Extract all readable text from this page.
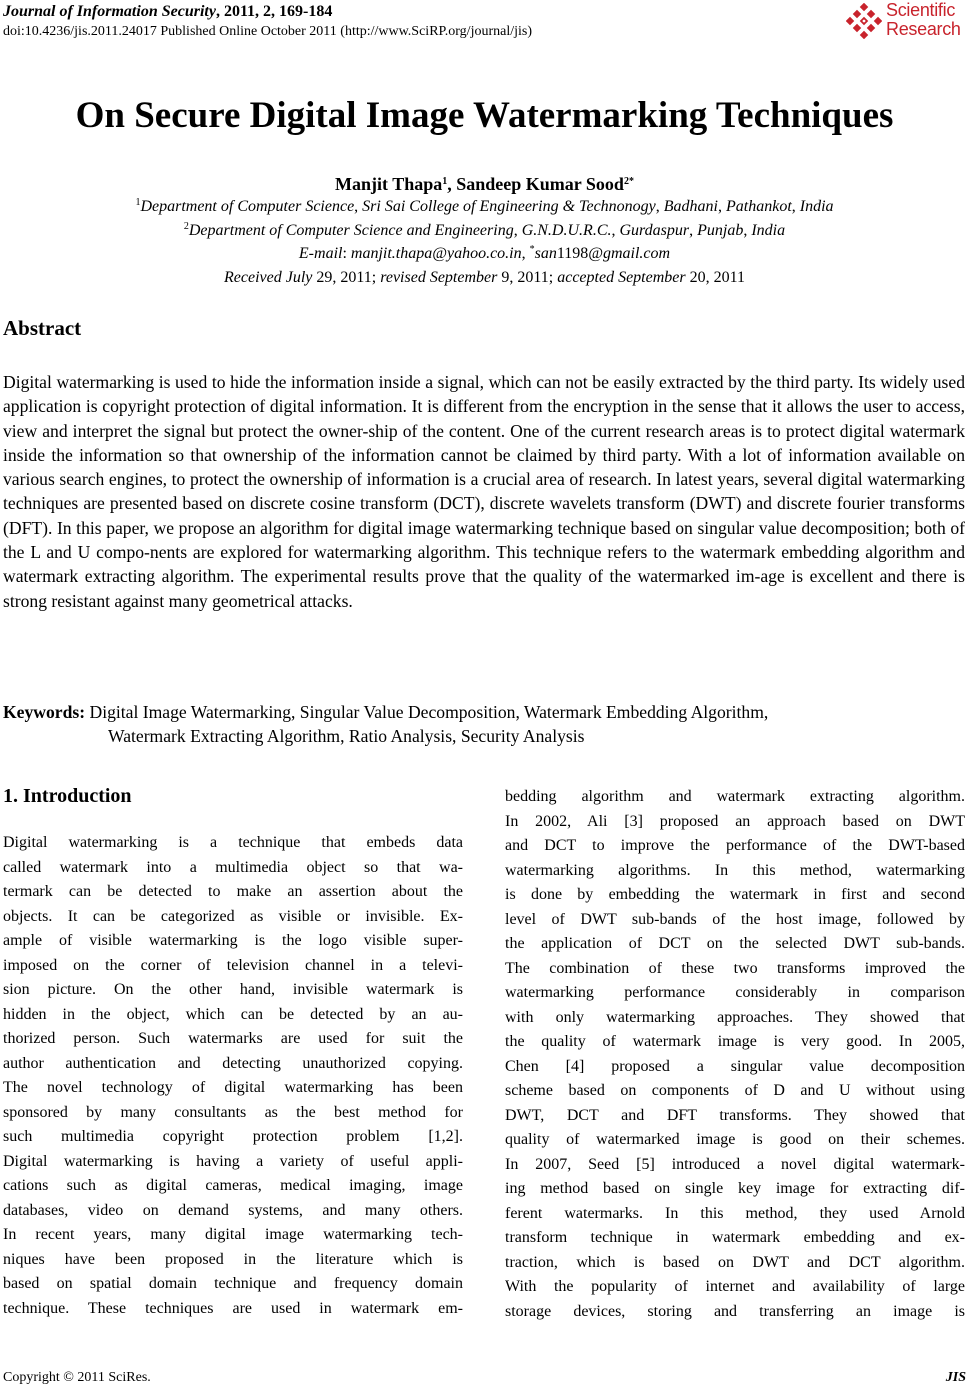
Journal of Information Security, 2011, 2, 169-184
doi:10.4236/jis.2011.24017 Published Online October 2011 (http://www.SciRP.org/journal/jis)
Scientific
Research
On Secure Digital Image Watermarking Techniques
Manjit Thapa$^1$, Sandeep Kumar Sood$^{2*}$
$^1$Department of Computer Science, Sri Sai College of Engineering & Technonogy, Badhani, Pathankot, India
$^2$Department of Computer Science and Engineering, G.N.D.U.R.C., Gurdaspur, Punjab, India
E-mail: manjit.thapa@yahoo.co.in, *san1198@gmail.com
Received July 29, 2011; revised September 9, 2011; accepted September 20, 2011
Abstract
Digital watermarking is used to hide the information inside a signal, which can not be easily extracted by the third party. Its widely used application is copyright protection of digital information. It is different from the encryption in the sense that it allows the user to access, view and interpret the signal but protect the owner-ship of the content. One of the current research areas is to protect digital watermark inside the information so that ownership of the information cannot be claimed by third party. With a lot of information available on various search engines, to protect the ownership of information is a crucial area of research. In latest years, several digital watermarking techniques are presented based on discrete cosine transform (DCT), discrete wavelets transform (DWT) and discrete fourier transforms (DFT). In this paper, we propose an algorithm for digital image watermarking technique based on singular value decomposition; both of the L and U compo-nents are explored for watermarking algorithm. This technique refers to the watermark embedding algorithm and watermark extracting algorithm. The experimental results prove that the quality of the watermarked im-age is excellent and there is strong resistant against many geometrical attacks.
Keywords: Digital Image Watermarking, Singular Value Decomposition, Watermark Embedding Algorithm,
Watermark Extracting Algorithm, Ratio Analysis, Security Analysis
1. Introduction

Digital watermarking is a technique that embeds data

called watermark into a multimedia object so that wa-

termark can be detected to make an assertion about the

objects. It can be categorized as visible or invisible. Ex-

ample of visible watermarking is the logo visible super-

imposed on the corner of television channel in a televi-

sion picture. On the other hand, invisible watermark is

hidden in the object, which can be detected by an au-

thorized person. Such watermarks are used for suit the

author authentication and detecting unauthorized copying.

The novel technology of digital watermarking has been

sponsored by many consultants as the best method for

such multimedia copyright protection problem [1,2].

Digital watermarking is having a variety of useful appli-

cations such as digital cameras, medical imaging, image

databases, video on demand systems, and many others.

In recent years, many digital image watermarking tech-

niques have been proposed in the literature which is

based on spatial domain technique and frequency domain

technique. These techniques are used in watermark em-

bedding algorithm and watermark extracting algorithm.

In 2002, Ali [3] proposed an approach based on DWT

and DCT to improve the performance of the DWT-based

watermarking algorithms. In this method, watermarking

is done by embedding the watermark in first and second

level of DWT sub-bands of the host image, followed by

the application of DCT on the selected DWT sub-bands.

The combination of these two transforms improved the

watermarking performance considerably in comparison

with only watermarking approaches. They showed that

the quality of watermark image is very good. In 2005,

Chen [4] proposed a singular value decomposition

scheme based on components of D and U without using

DWT, DCT and DFT transforms. They showed that

quality of watermarked image is good on their schemes.

In 2007, Seed [5] introduced a novel digital watermark-

ing method based on single key image for extracting dif-

ferent watermarks. In this method, they used Arnold

transform technique in watermark embedding and ex-

traction, which is based on DWT and DCT algorithm.

With the popularity of internet and availability of large

storage devices, storing and transferring an image is

Copyright © 2011 SciRes.	JIS
